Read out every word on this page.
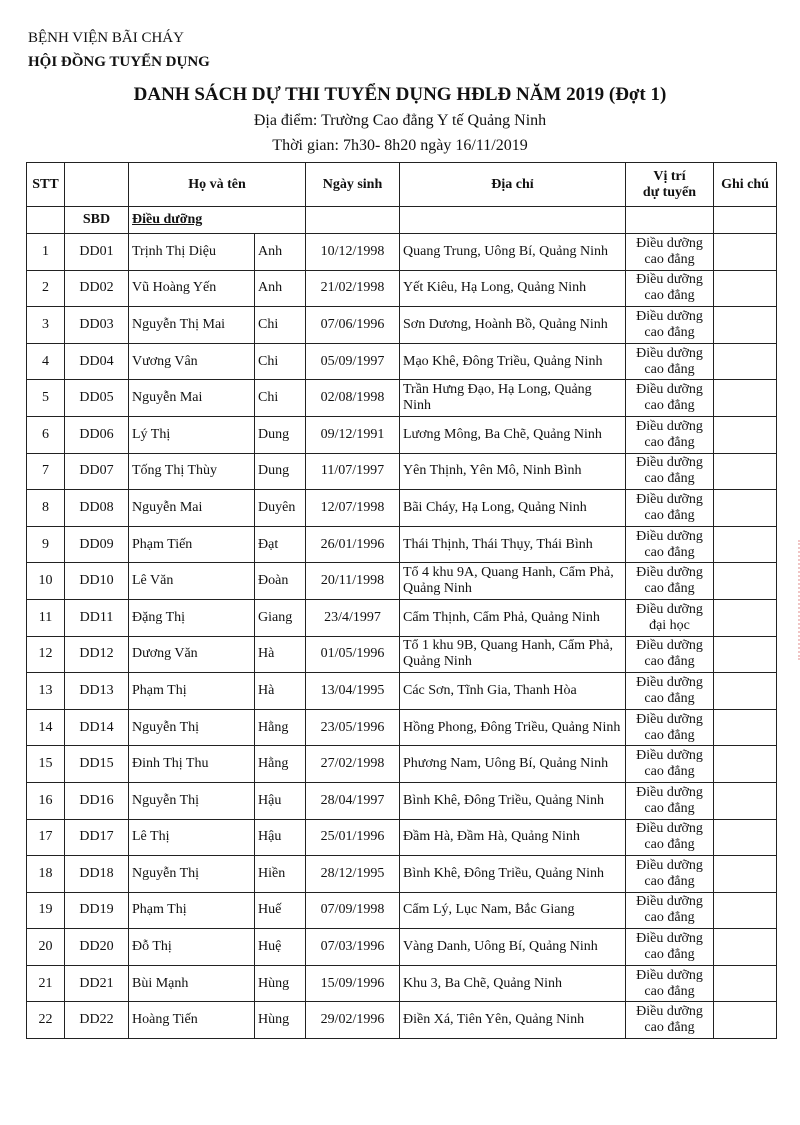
BỆNH VIỆN BÃI CHÁY
HỘI ĐỒNG TUYỂN DỤNG
DANH SÁCH DỰ THI TUYỂN DỤNG HĐLĐ NĂM 2019 (Đợt 1)
Địa điểm: Trường Cao đẳng Y tế Quảng Ninh
Thời gian: 7h30- 8h20 ngày 16/11/2019
STT		Họ và tên		Ngày sinh	Địa chỉ	Vị trí
dự tuyển	Ghi chú
	SBD	Điều dưỡng					
1	DD01	Trịnh Thị Diệu	Anh	10/12/1998	Quang Trung, Uông Bí, Quảng Ninh	Điều dưỡng
cao đẳng	
2	DD02	Vũ Hoàng Yến	Anh	21/02/1998	Yết Kiêu, Hạ Long, Quảng Ninh	Điều dưỡng
cao đẳng	
3	DD03	Nguyễn Thị Mai	Chi	07/06/1996	Sơn Dương, Hoành Bồ, Quảng Ninh	Điều dưỡng
cao đẳng	
4	DD04	Vương Vân	Chi	05/09/1997	Mạo Khê, Đông Triều, Quảng Ninh	Điều dưỡng
cao đẳng	
5	DD05	Nguyễn Mai	Chi	02/08/1998	Trần Hưng Đạo, Hạ Long, Quảng Ninh	Điều dưỡng
cao đẳng	
6	DD06	Lý Thị	Dung	09/12/1991	Lương Mông, Ba Chẽ, Quảng Ninh	Điều dưỡng
cao đẳng	
7	DD07	Tống Thị Thùy	Dung	11/07/1997	Yên Thịnh, Yên Mô, Ninh Bình	Điều dưỡng
cao đẳng	
8	DD08	Nguyễn Mai	Duyên	12/07/1998	Bãi Cháy, Hạ Long, Quảng Ninh	Điều dưỡng
cao đẳng	
9	DD09	Phạm Tiến	Đạt	26/01/1996	Thái Thịnh, Thái Thụy, Thái Bình	Điều dưỡng
cao đẳng	
10	DD10	Lê Văn	Đoàn	20/11/1998	Tổ 4 khu 9A, Quang Hanh, Cẩm Phả, Quảng Ninh	Điều dưỡng
cao đẳng	
11	DD11	Đặng Thị	Giang	23/4/1997	Cẩm Thịnh, Cẩm Phả, Quảng Ninh	Điều dưỡng
đại học	
12	DD12	Dương Văn	Hà	01/05/1996	Tổ 1 khu 9B, Quang Hanh, Cẩm Phả, Quảng Ninh	Điều dưỡng
cao đẳng	
13	DD13	Phạm Thị	Hà	13/04/1995	Các Sơn, Tĩnh Gia, Thanh Hòa	Điều dưỡng
cao đẳng	
14	DD14	Nguyễn Thị	Hằng	23/05/1996	Hồng Phong, Đông Triều, Quảng Ninh	Điều dưỡng
cao đẳng	
15	DD15	Đinh Thị Thu	Hằng	27/02/1998	Phương Nam, Uông Bí, Quảng Ninh	Điều dưỡng
cao đẳng	
16	DD16	Nguyễn Thị	Hậu	28/04/1997	Bình Khê, Đông Triều, Quảng Ninh	Điều dưỡng
cao đẳng	
17	DD17	Lê Thị	Hậu	25/01/1996	Đầm Hà, Đầm Hà, Quảng Ninh	Điều dưỡng
cao đẳng	
18	DD18	Nguyễn Thị	Hiền	28/12/1995	Bình Khê, Đông Triều, Quảng Ninh	Điều dưỡng
cao đẳng	
19	DD19	Phạm Thị	Huế	07/09/1998	Cẩm Lý, Lục Nam, Bắc Giang	Điều dưỡng
cao đẳng	
20	DD20	Đỗ Thị	Huệ	07/03/1996	Vàng Danh, Uông Bí, Quảng Ninh	Điều dưỡng
cao đẳng	
21	DD21	Bùi Mạnh	Hùng	15/09/1996	Khu 3, Ba Chẽ, Quảng Ninh	Điều dưỡng
cao đẳng	
22	DD22	Hoàng Tiến	Hùng	29/02/1996	Điền Xá, Tiên Yên, Quảng Ninh	Điều dưỡng
cao đẳng	
